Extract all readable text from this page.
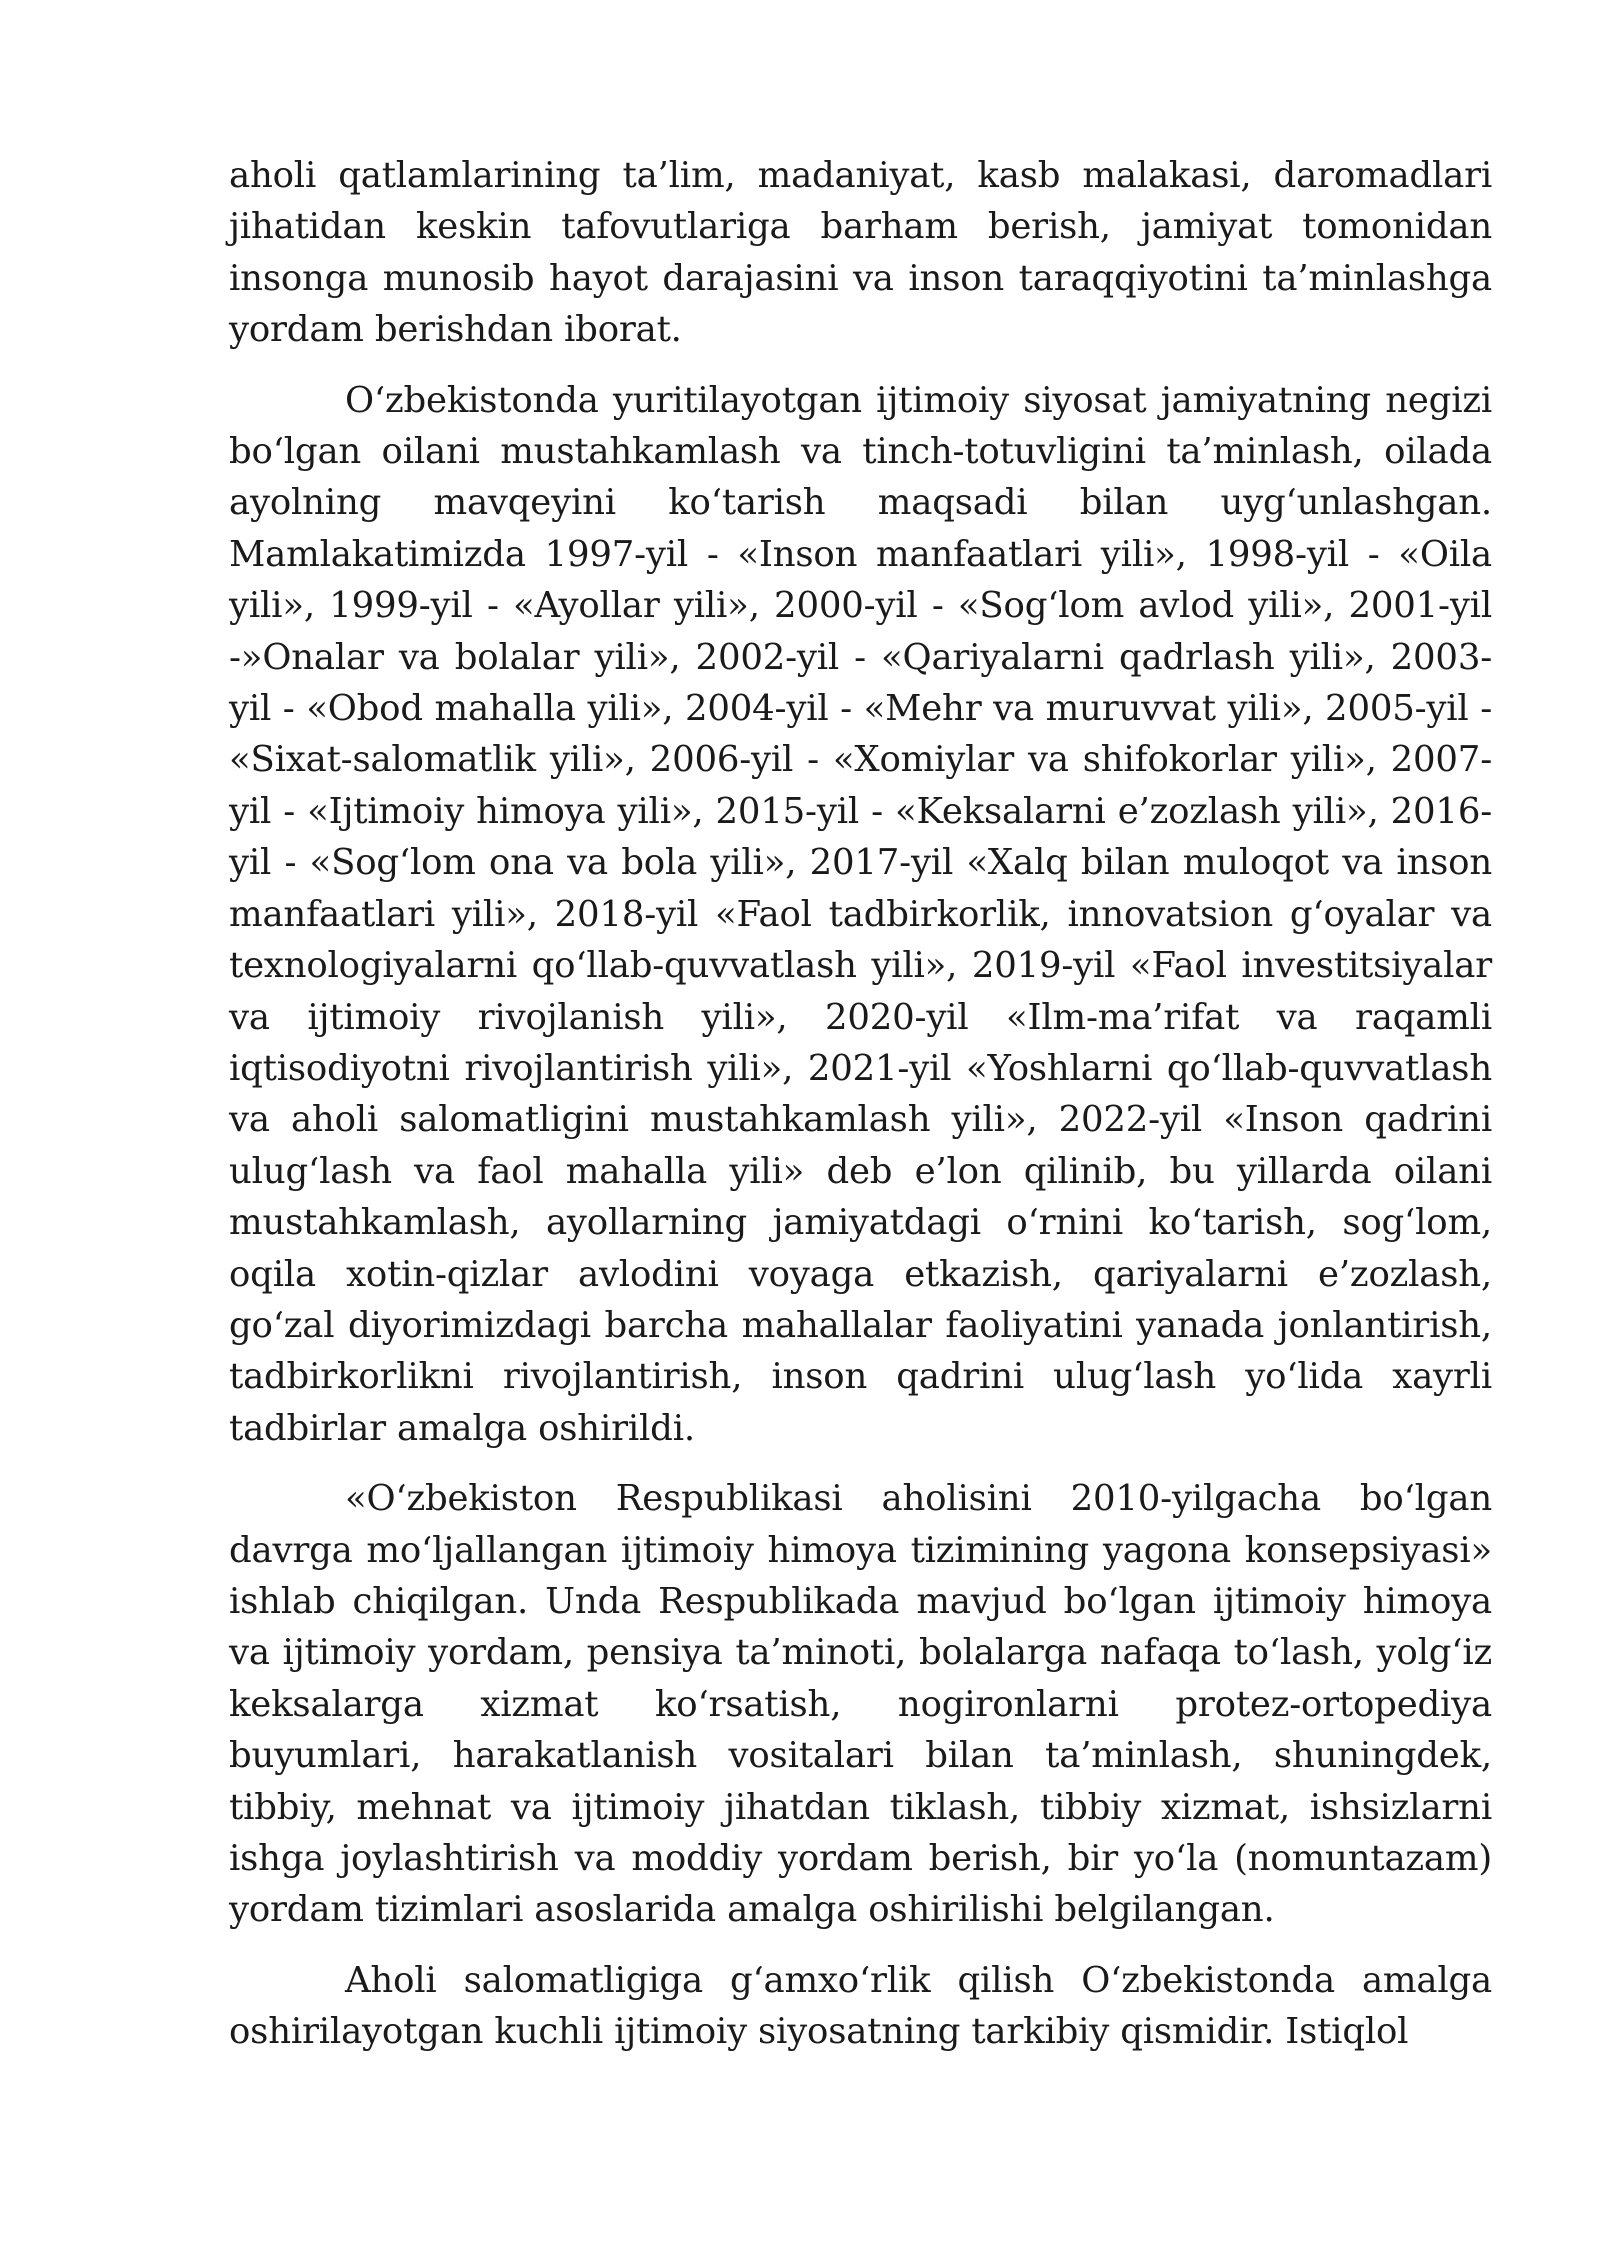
aholi qatlamlarining ta’lim, madaniyat, kasb malakasi, daromadlari jihatidan keskin tafovutlariga barham berish, jamiyat tomonidan insonga munosib hayot darajasini va inson taraqqiyotini ta’minlashga yordam berishdan iborat.

O‘zbekistonda yuritilayotgan ijtimoiy siyosat jamiyatning negizi bo‘lgan oilani mustahkamlash va tinch-totuvligini ta’minlash, oilada ayolning mavqeyini ko‘tarish maqsadi bilan uyg‘unlashgan. Mamlakatimizda 1997-yil - «Inson manfaatlari yili», 1998-yil - «Oila yili», 1999-yil - «Ayollar yili», 2000-yil - «Sog‘lom avlod yili», 2001-yil -»Onalar va bolalar yili», 2002-yil - «Qariyalarni qadrlash yili», 2003-yil - «Obod mahalla yili», 2004-yil - «Mehr va muruvvat yili», 2005-yil - «Sixat-salomatlik yili», 2006-yil - «Xomiylar va shifokorlar yili», 2007-yil - «Ijtimoiy himoya yili», 2015-yil - «Keksalarni e’zozlash yili», 2016-yil - «Sog‘lom ona va bola yili», 2017-yil «Xalq bilan muloqot va inson manfaatlari yili», 2018-yil «Faol tadbirkorlik, innovatsion g‘oyalar va texnologiyalarni qo‘llab-quvvatlash yili», 2019-yil «Faol investitsiyalar va ijtimoiy rivojlanish yili», 2020-yil «Ilm-ma’rifat va raqamli iqtisodiyotni rivojlantirish yili», 2021-yil «Yoshlarni qo‘llab-quvvatlash va aholi salomatligini mustahkamlash yili», 2022-yil «Inson qadrini ulug‘lash va faol mahalla yili» deb e’lon qilinib, bu yillarda oilani mustahkamlash, ayollarning jamiyatdagi o‘rnini ko‘tarish, sog‘lom, oqila xotin-qizlar avlodini voyaga etkazish, qariyalarni e’zozlash, go‘zal diyorimizdagi barcha mahallalar faoliyatini yanada jonlantirish, tadbirkorlikni rivojlantirish, inson qadrini ulug‘lash yo‘lida xayrli tadbirlar amalga oshirildi.

«O‘zbekiston Respublikasi aholisini 2010-yilgacha bo‘lgan davrga mo‘ljallangan ijtimoiy himoya tizimining yagona konsepsiyasi» ishlab chiqilgan. Unda Respublikada mavjud bo‘lgan ijtimoiy himoya va ijtimoiy yordam, pensiya ta’minoti, bolalarga nafaqa to‘lash, yolg‘iz keksalarga xizmat ko‘rsatish, nogironlarni protez-ortopediya buyumlari, harakatlanish vositalari bilan ta’minlash, shuningdek, tibbiy, mehnat va ijtimoiy jihatdan tiklash, tibbiy xizmat, ishsizlarni ishga joylashtirish va moddiy yordam berish, bir yo‘la (nomuntazam) yordam tizimlari asoslarida amalga oshirilishi belgilangan.

Aholi salomatligiga g‘amxo‘rlik qilish O‘zbekistonda amalga oshirilayotgan kuchli ijtimoiy siyosatning tarkibiy qismidir. Istiqlol
